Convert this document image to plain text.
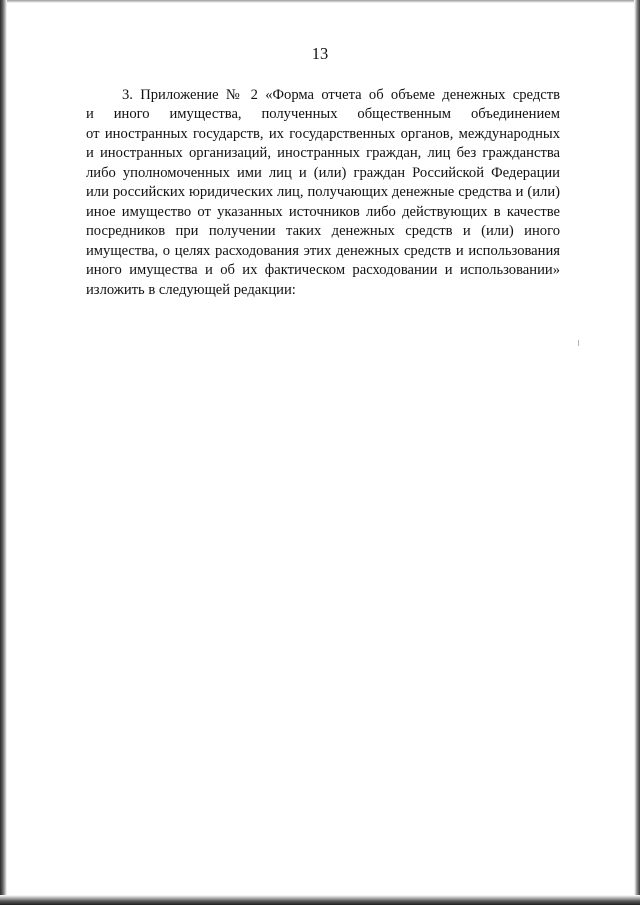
13
3. Приложение № 2 «Форма отчета об объеме денежных средств
и иного имущества, полученных общественным объединением
от иностранных государств, их государственных органов, международных
и иностранных организаций, иностранных граждан, лиц без гражданства
либо уполномоченных ими лиц и (или) граждан Российской Федерации
или российских юридических лиц, получающих денежные средства и (или)
иное имущество от указанных источников либо действующих в качестве
посредников при получении таких денежных средств и (или) иного
имущества, о целях расходования этих денежных средств и использования
иного имущества и об их фактическом расходовании и использовании»
изложить в следующей редакции:
